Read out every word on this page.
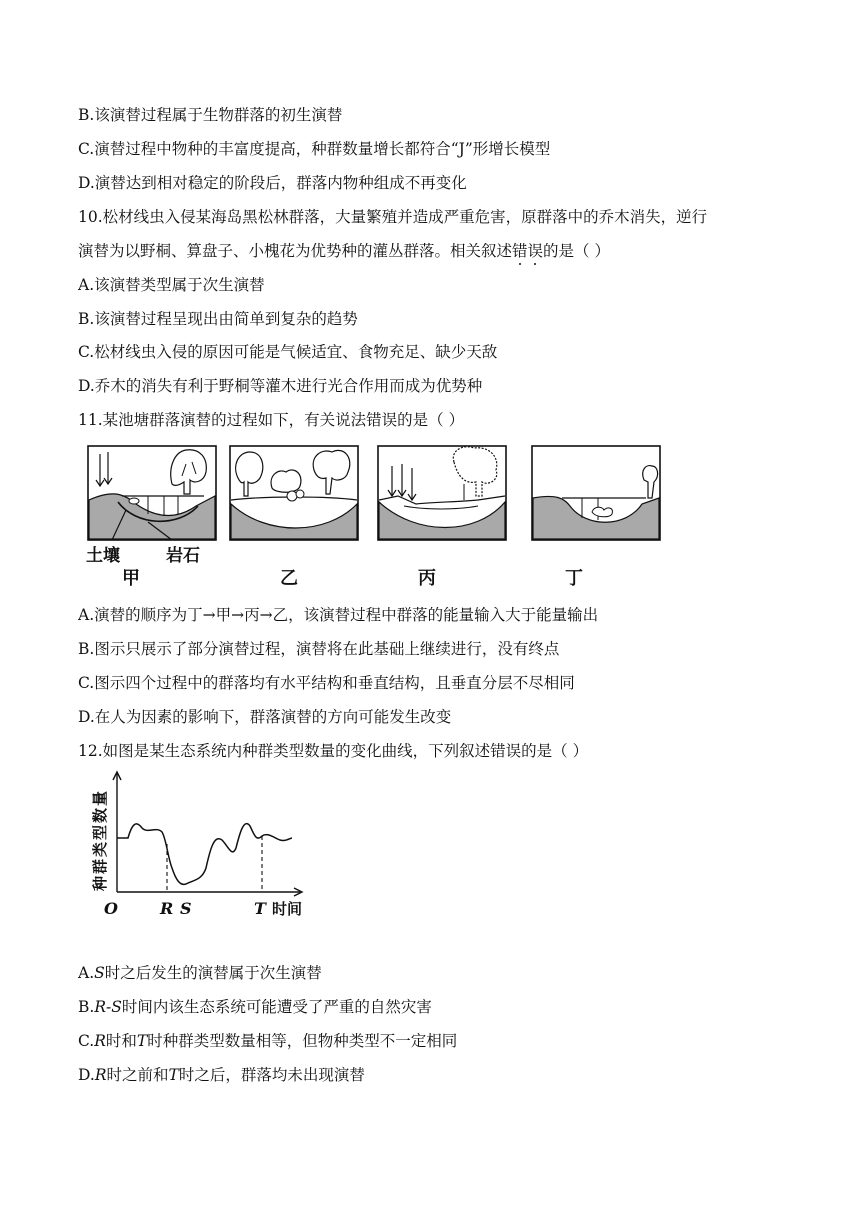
B.该演替过程属于生物群落的初生演替
C.演替过程中物种的丰富度提高，种群数量增长都符合“J”形增长模型
D.演替达到相对稳定的阶段后，群落内物种组成不再变化
10.松材线虫入侵某海岛黑松林群落，大量繁殖并造成严重危害，原群落中的乔木消失，逆行
演替为以野桐、算盘子、小槐花为优势种的灌丛群落。相关叙述错误的是（ ）
A.该演替类型属于次生演替
B.该演替过程呈现出由简单到复杂的趋势
C.松材线虫入侵的原因可能是气候适宜、食物充足、缺少天敌
D.乔木的消失有利于野桐等灌木进行光合作用而成为优势种
11.某池塘群落演替的过程如下，有关说法错误的是（ ）
土壤	岩石
甲	乙	丙	丁
A.演替的顺序为丁→甲→丙→乙，该演替过程中群落的能量输入大于能量输出
B.图示只展示了部分演替过程，演替将在此基础上继续进行，没有终点
C.图示四个过程中的群落均有水平结构和垂直结构，且垂直分层不尽相同
D.在人为因素的影响下，群落演替的方向可能发生改变
12.如图是某生态系统内种群类型数量的变化曲线，下列叙述错误的是（ ）
种
群
类
型
数
量
O	R S	T 时间
A.S时之后发生的演替属于次生演替
B.R-S时间内该生态系统可能遭受了严重的自然灾害
C.R时和T时种群类型数量相等，但物种类型不一定相同
D.R时之前和T时之后，群落均未出现演替
